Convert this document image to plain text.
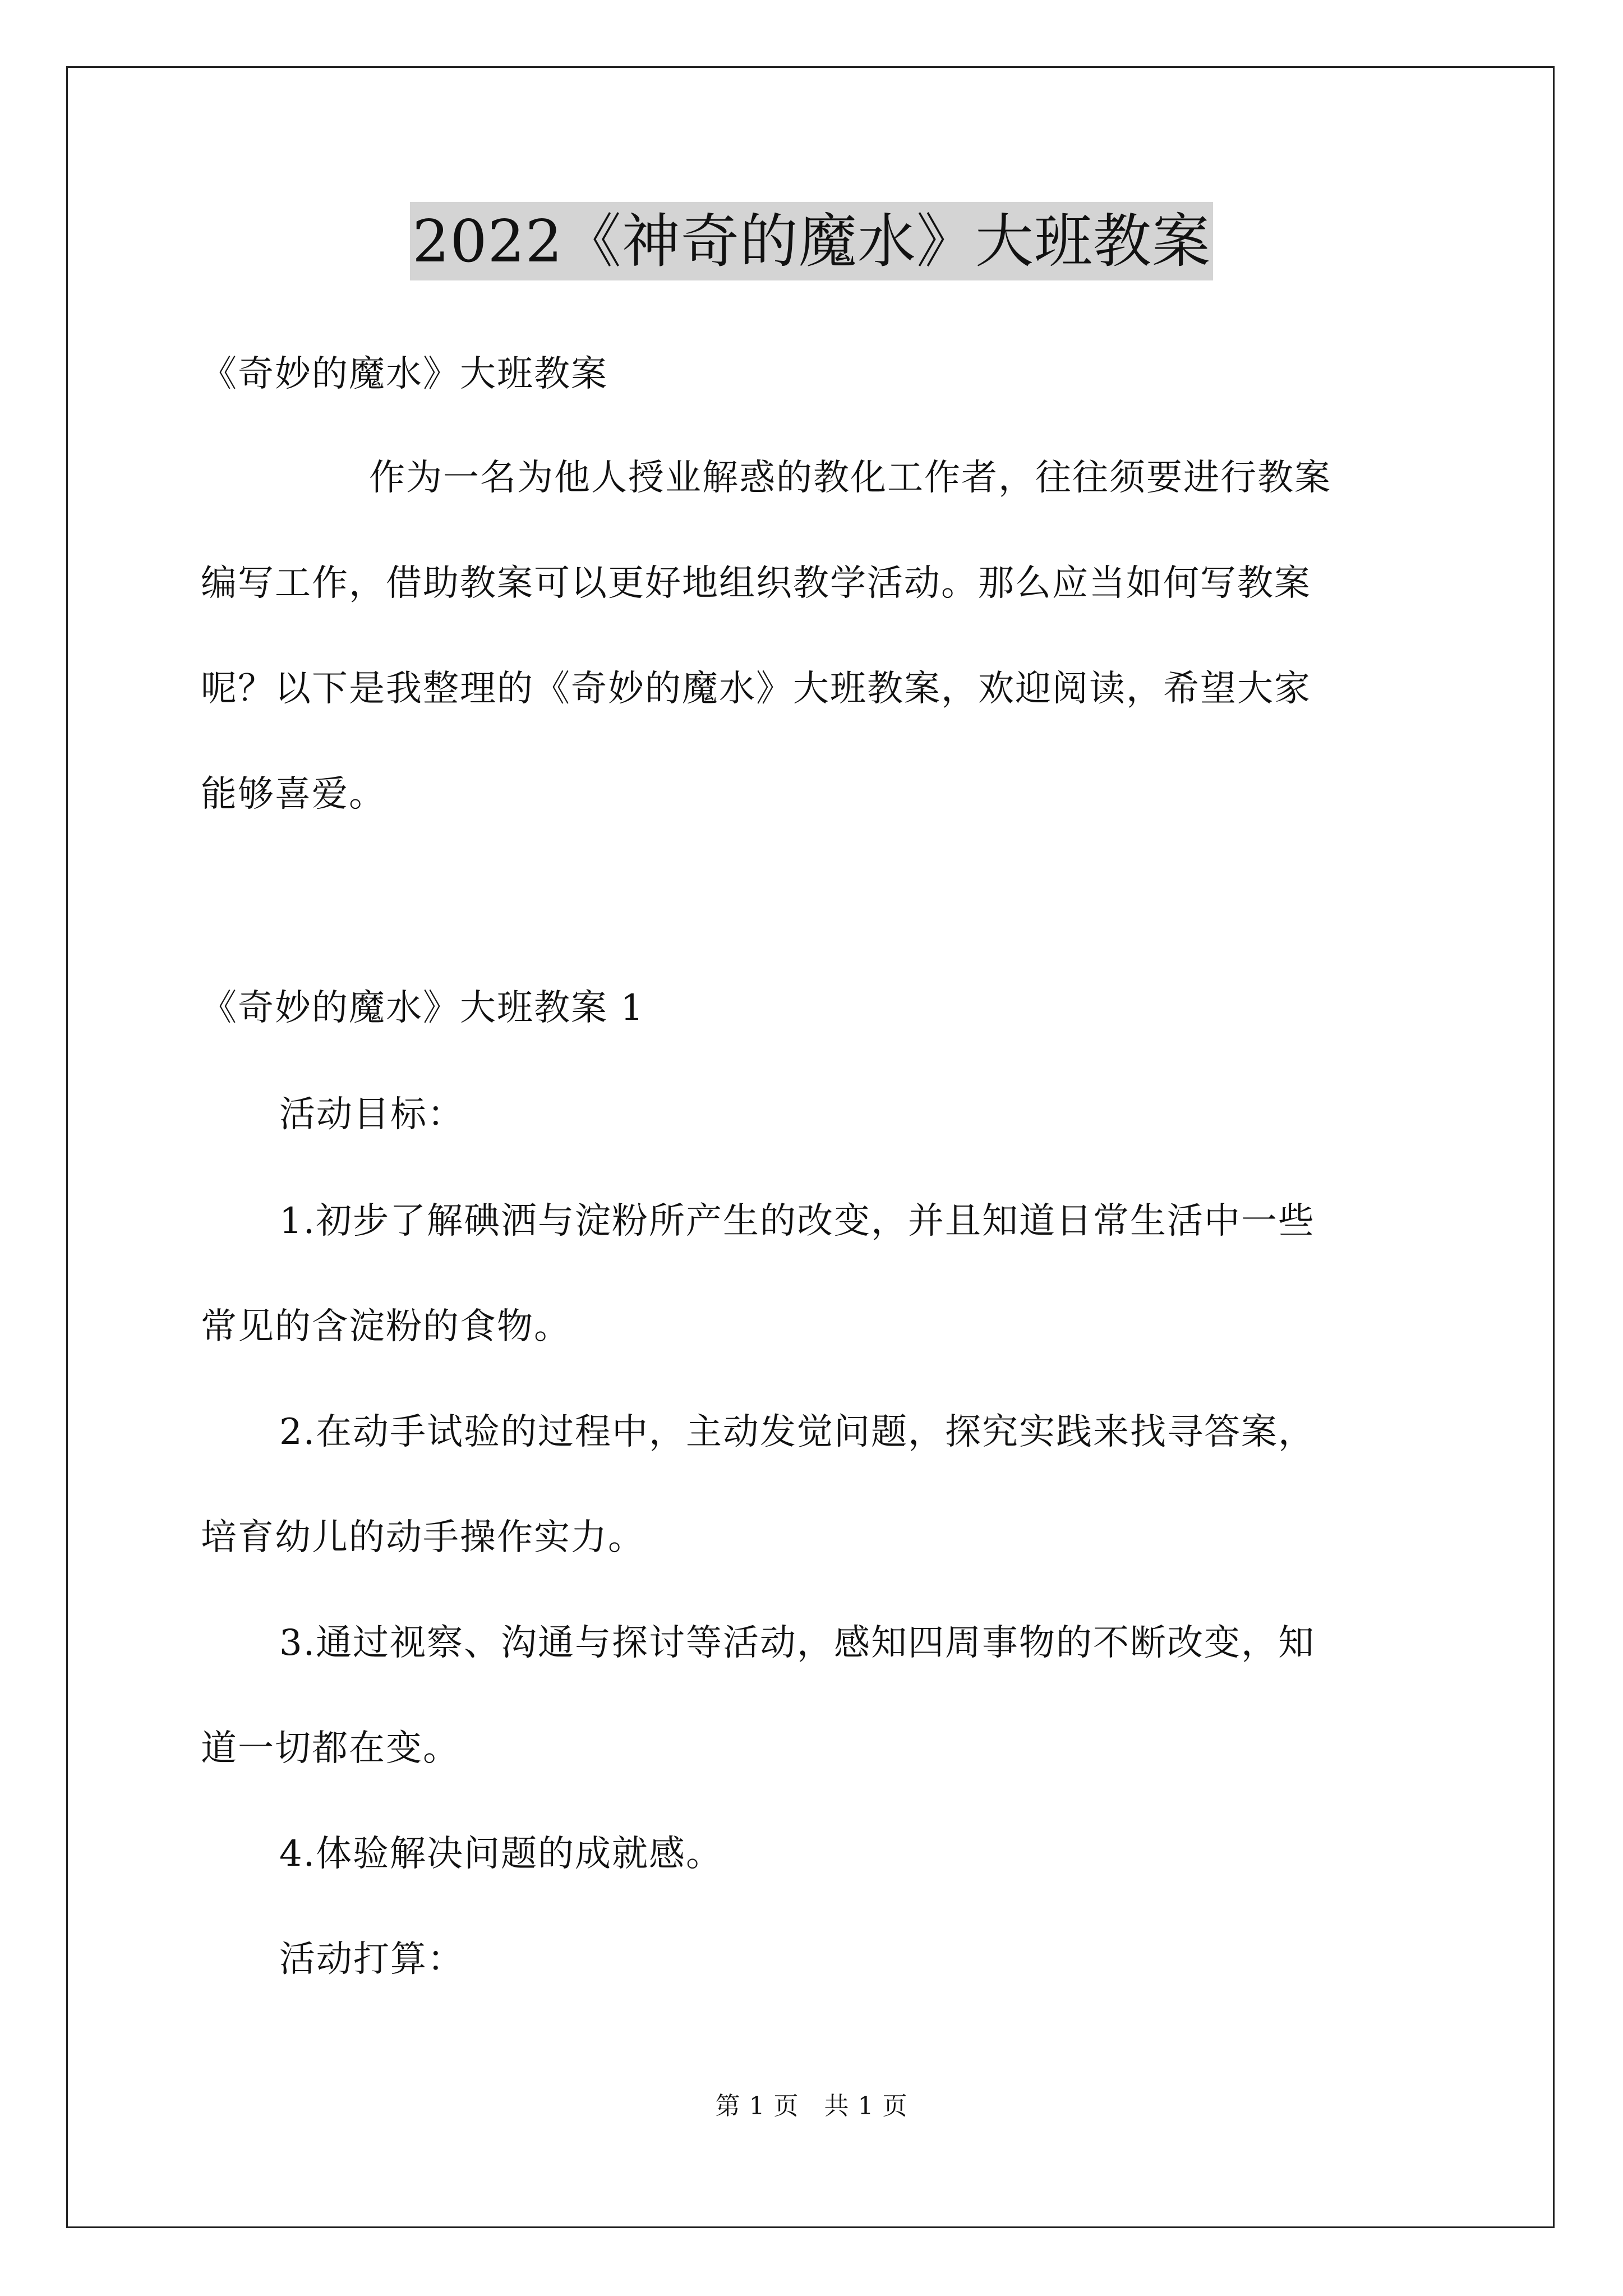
2022《神奇的魔水》大班教案
《奇妙的魔水》大班教案
作为一名为他人授业解惑的教化工作者，往往须要进行教案
编写工作，借助教案可以更好地组织教学活动。那么应当如何写教案
呢？以下是我整理的《奇妙的魔水》大班教案，欢迎阅读，希望大家
能够喜爱。
《奇妙的魔水》大班教案 1
活动目标：
1.初步了解碘洒与淀粉所产生的改变，并且知道日常生活中一些
常见的含淀粉的食物。
2.在动手试验的过程中，主动发觉问题，探究实践来找寻答案，
培育幼儿的动手操作实力。
3.通过视察、沟通与探讨等活动，感知四周事物的不断改变，知
道一切都在变。
4.体验解决问题的成就感。
活动打算：
第 1 页　共 1 页
